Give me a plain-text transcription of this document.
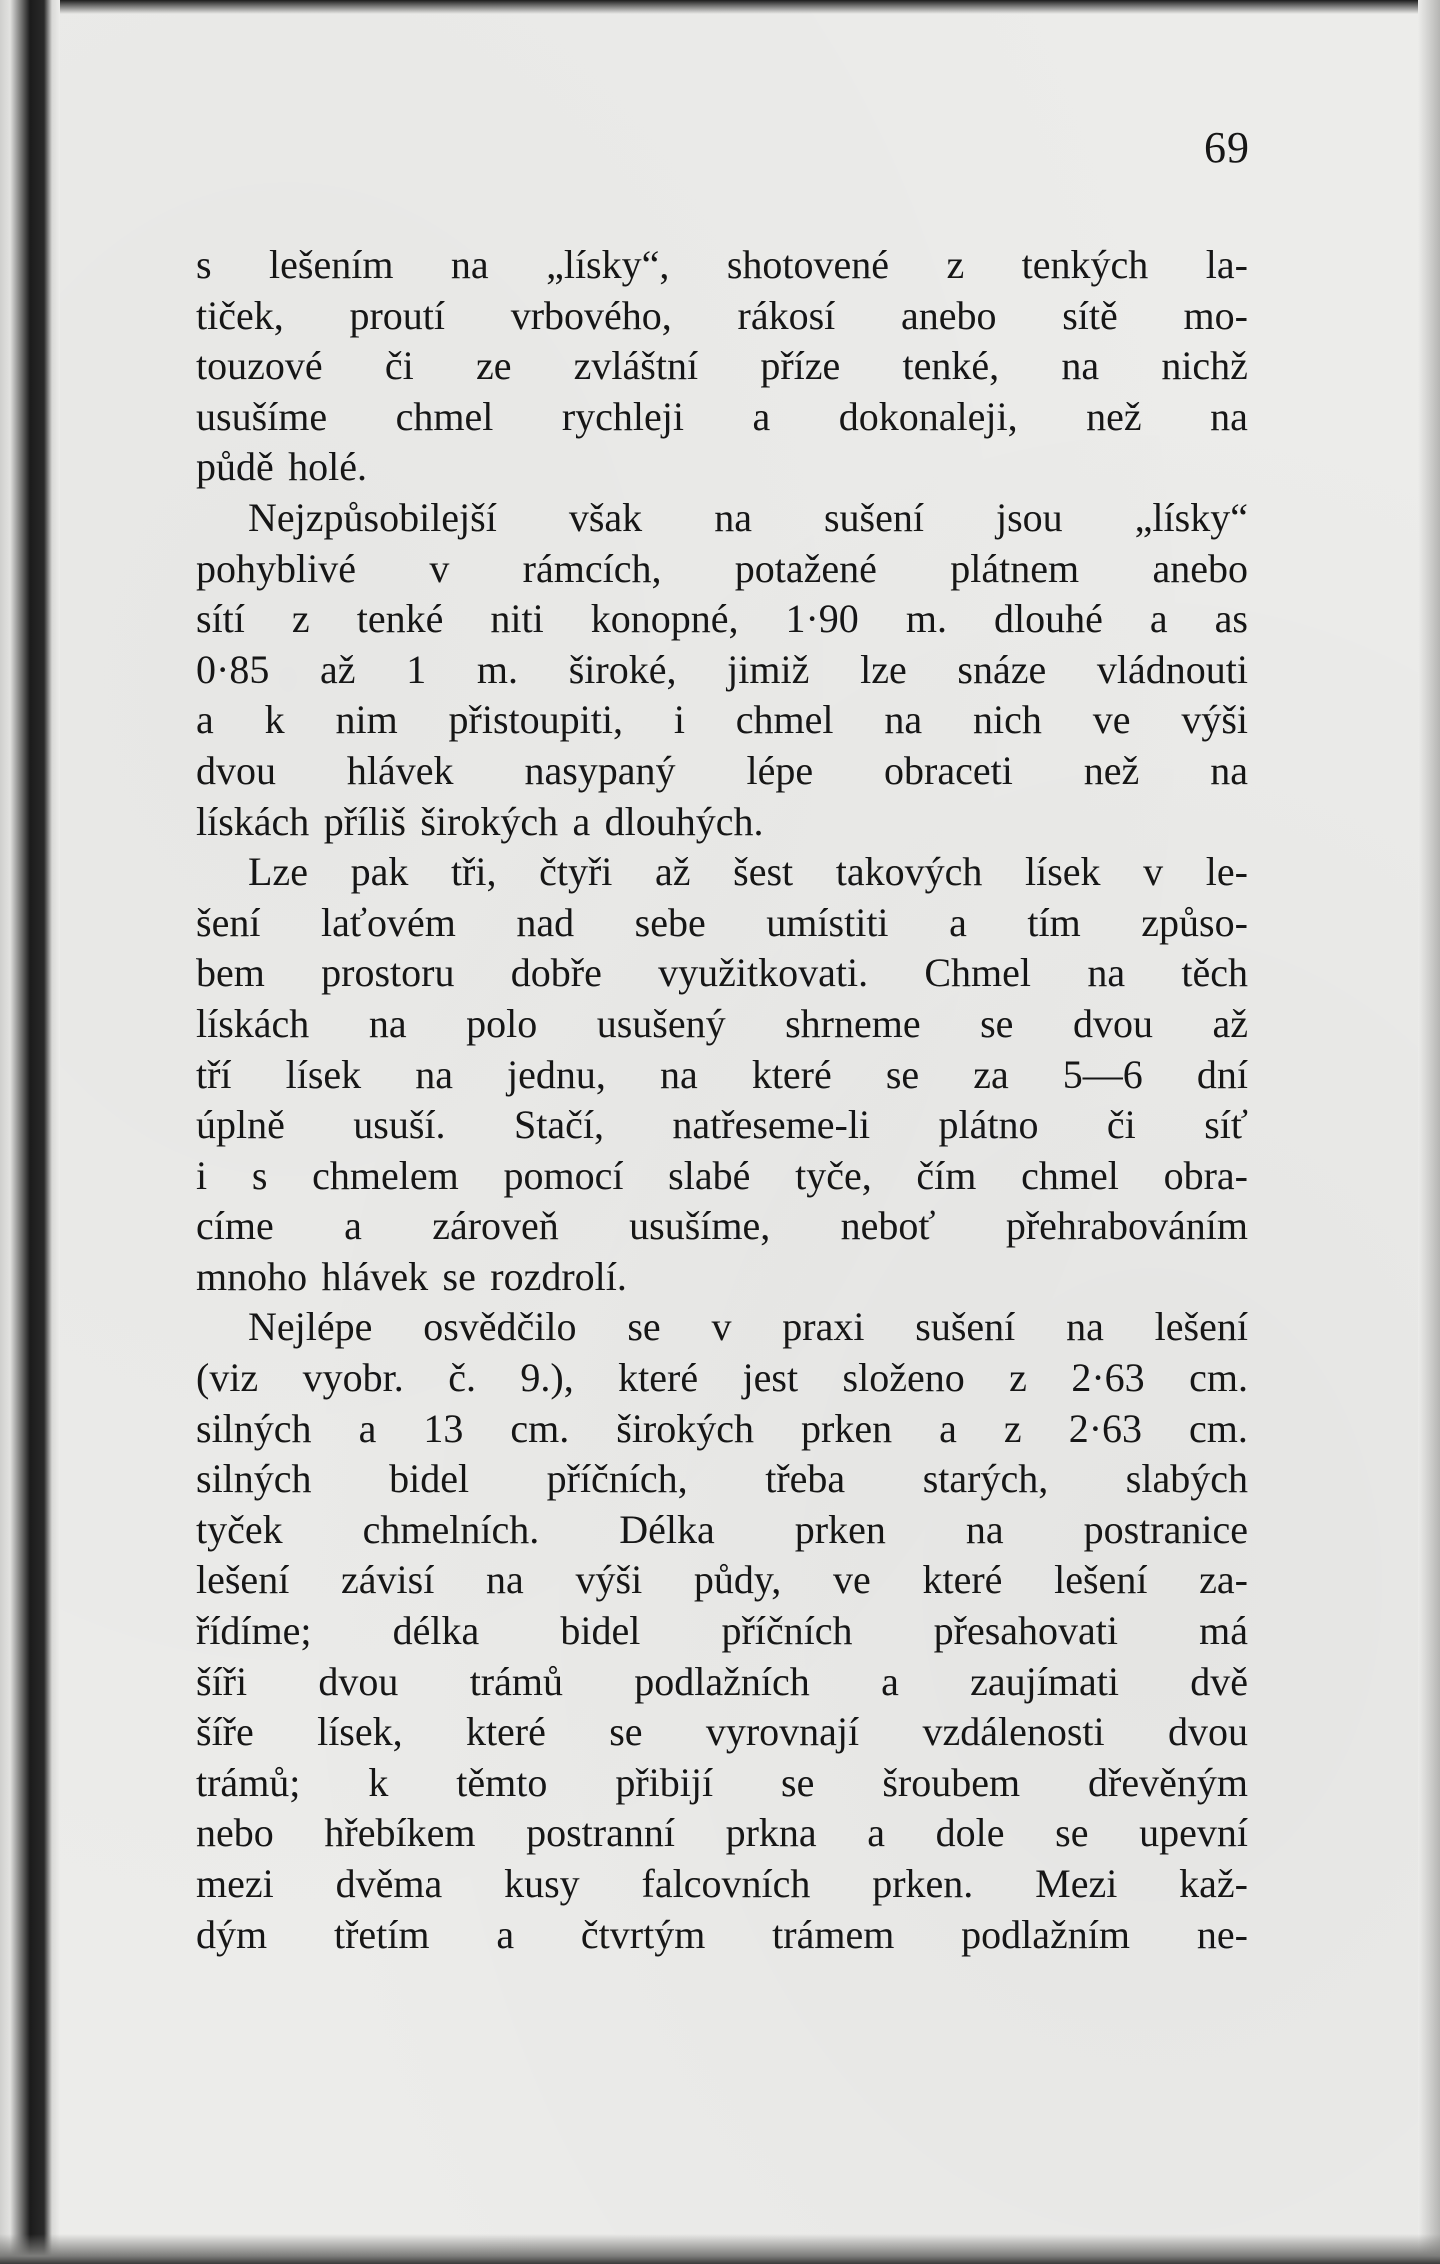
69
s lešením na „lísky“, shotovené z tenkých la-
tiček, proutí vrbového, rákosí anebo sítě mo-
touzové či ze zvláštní příze tenké, na nichž
usušíme chmel rychleji a dokonaleji, než na
půdě holé.
Nejzpůsobilejší však na sušení jsou „lísky“
pohyblivé v rámcích, potažené plátnem anebo
sítí z tenké niti konopné, 1·90 m. dlouhé a as
0·85 až 1 m. široké, jimiž lze snáze vládnouti
a k nim přistoupiti, i chmel na nich ve výši
dvou hlávek nasypaný lépe obraceti než na
lískách příliš širokých a dlouhých.
Lze pak tři, čtyři až šest takových lísek v le-
šení laťovém nad sebe umístiti a tím způso-
bem prostoru dobře využitkovati. Chmel na těch
lískách na polo usušený shrneme se dvou až
tří lísek na jednu, na které se za 5—6 dní
úplně usuší. Stačí, natřeseme-li plátno či síť
i s chmelem pomocí slabé tyče, čím chmel obra-
címe a zároveň usušíme, neboť přehrabováním
mnoho hlávek se rozdrolí.
Nejlépe osvědčilo se v praxi sušení na lešení
(viz vyobr. č. 9.), které jest složeno z 2·63 cm.
silných a 13 cm. širokých prken a z 2·63 cm.
silných bidel příčních, třeba starých, slabých
tyček chmelních. Délka prken na postranice
lešení závisí na výši půdy, ve které lešení za-
řídíme; délka bidel příčních přesahovati má
šíři dvou trámů podlažních a zaujímati dvě
šíře lísek, které se vyrovnají vzdálenosti dvou
trámů; k těmto přibijí se šroubem dřevěným
nebo hřebíkem postranní prkna a dole se upevní
mezi dvěma kusy falcovních prken. Mezi kaž-
dým třetím a čtvrtým trámem podlažním ne-
